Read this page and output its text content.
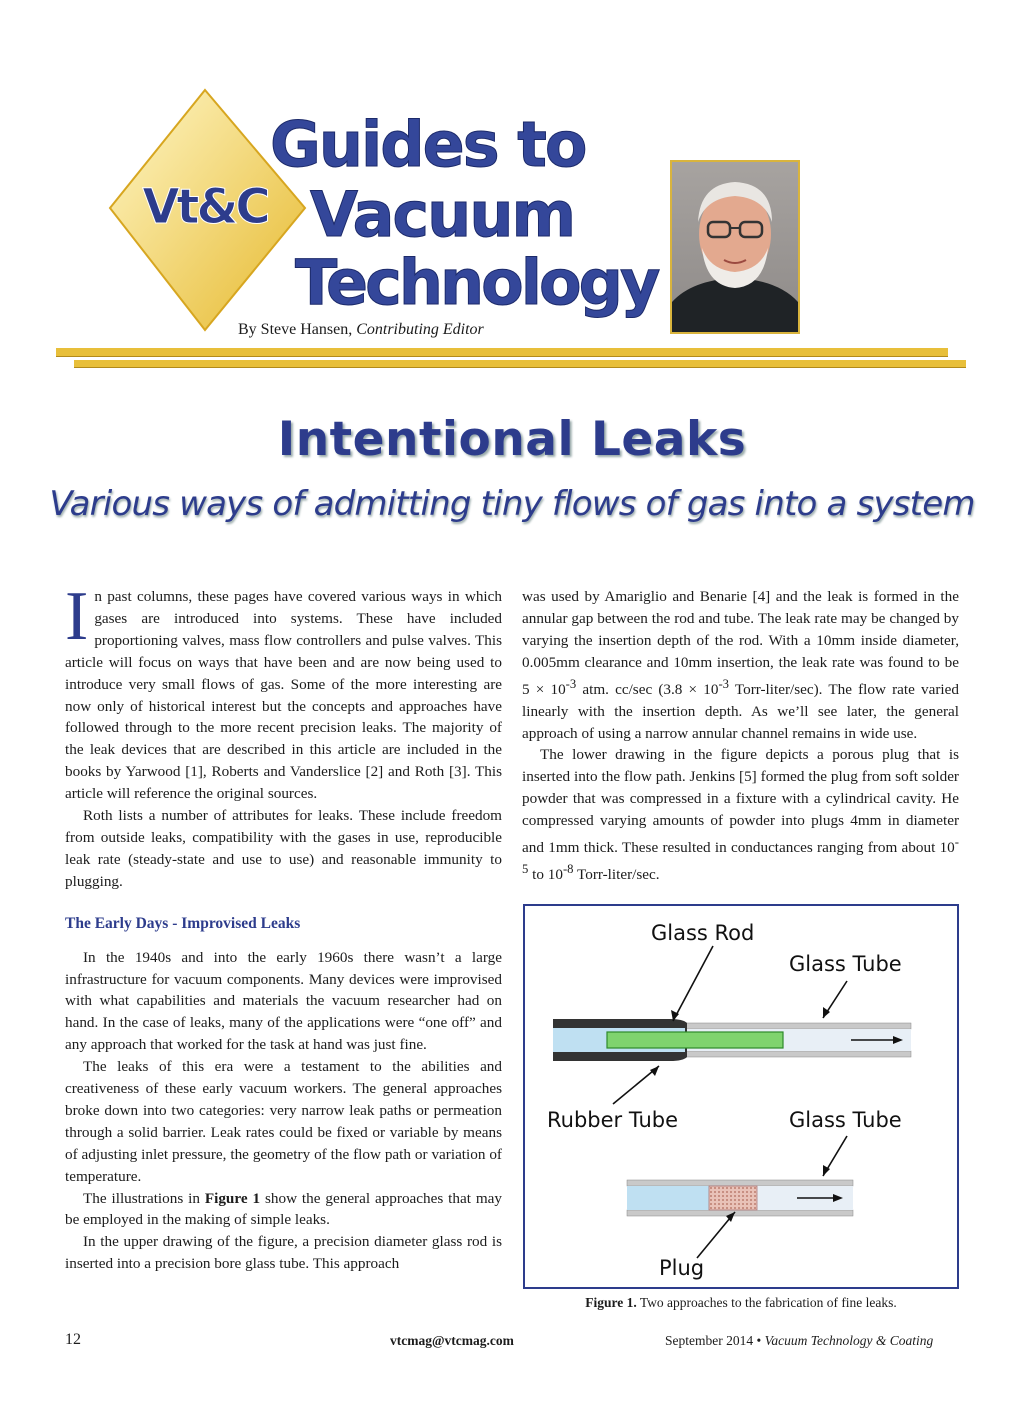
Vt&C
Guides to
Vacuum
Technology
By Steve Hansen, Contributing Editor
Intentional Leaks
Various ways of admitting tiny flows of gas into a system

In past columns, these pages have covered various ways in which gases are introduced into systems. These have included proportioning valves, mass flow controllers and pulse valves. This article will focus on ways that have been and are now being used to introduce very small flows of gas. Some of the more interesting are now only of historical interest but the concepts and approaches have followed through to the more recent precision leaks. The majority of the leak devices that are described in this article are included in the books by Yarwood [1], Roberts and Vanderslice [2] and Roth [3]. This article will reference the original sources.

Roth lists a number of attributes for leaks. These include freedom from outside leaks, compatibility with the gases in use, reproducible leak rate (steady-state and use to use) and reasonable immunity to plugging.

The Early Days - Improvised Leaks

In the 1940s and into the early 1960s there wasn’t a large infrastructure for vacuum components. Many devices were improvised with what capabilities and materials the vacuum researcher had on hand. In the case of leaks, many of the applications were “one off” and any approach that worked for the task at hand was just fine.

The leaks of this era were a testament to the abilities and creativeness of these early vacuum workers. The general approaches broke down into two categories: very narrow leak paths or permeation through a solid barrier. Leak rates could be fixed or variable by means of adjusting inlet pressure, the geometry of the flow path or variation of temperature.

The illustrations in Figure 1 show the general approaches that may be employed in the making of simple leaks.

In the upper drawing of the figure, a precision diameter glass rod is inserted into a precision bore glass tube. This approach

was used by Amariglio and Benarie [4] and the leak is formed in the annular gap between the rod and tube. The leak rate may be changed by varying the insertion depth of the rod. With a 10mm inside diameter, 0.005mm clearance and 10mm insertion, the leak rate was found to be $5 \times 10^{-3}$ atm. cc/sec ($3.8 \times 10^{-3}$ Torr-liter/sec). The flow rate varied linearly with the insertion depth. As we’ll see later, the general approach of using a narrow annular channel remains in wide use.

The lower drawing in the figure depicts a porous plug that is inserted into the flow path. Jenkins [5] formed the plug from soft solder powder that was compressed in a fixture with a cylindrical cavity. He compressed varying amounts of powder into plugs 4mm in diameter and 1mm thick. These resulted in conductances ranging from about $10^{-5}$ to $10^{-8}$ Torr-liter/sec.

Glass Rod
Glass Tube
Rubber Tube	Glass Tube
Plug
Figure 1. Two approaches to the fabrication of fine leaks.
12	vtcmag@vtcmag.com	September 2014 • Vacuum Technology & Coating
